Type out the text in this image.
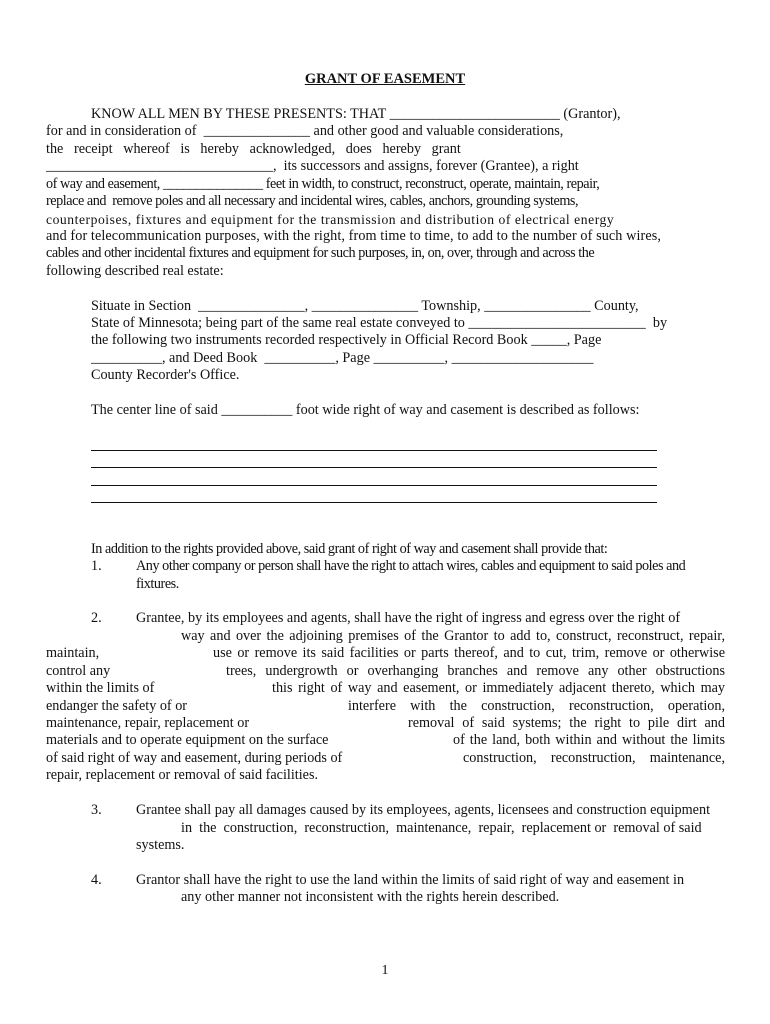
GRANT OF EASEMENT
KNOW ALL MEN BY THESE PRESENTS: THAT ________________________ (Grantor),
for and in consideration of  _______________ and other good and valuable considerations,
the   receipt   whereof   is   hereby   acknowledged,   does   hereby   grant
________________________________,  its successors and assigns, forever (Grantee), a right
of way and easement, _______________ feet in width, to construct, reconstruct, operate, maintain, repair,
replace and  remove poles and all necessary and incidental wires, cables, anchors, grounding systems,
counterpoises, fixtures and equipment for the transmission and distribution of electrical energy
and for telecommunication purposes, with the right, from time to time, to add to the number of such wires,
cables and other incidental fixtures and equipment for such purposes, in, on, over, through and across the
following described real estate:
Situate in Section  _______________, _______________ Township, _______________ County,
State of Minnesota; being part of the same real estate conveyed to _________________________  by
the following two instruments recorded respectively in Official Record Book _____, Page
__________, and Deed Book  __________, Page __________, ____________________
County Recorder's Office.
The center line of said __________ foot wide right of way and casement is described as follows:
In addition to the rights provided above, said grant of right of way and casement shall provide that:
1. Any other company or person shall have the right to attach wires, cables and equipment to said poles and
fixtures.
2. Grantee, by its employees and agents, shall have the right of ingress and egress over the right of
way and over the adjoining premises of the Grantor to add to, construct, reconstruct, repair,
maintain,	use or remove its said facilities or parts thereof, and to cut, trim, remove or otherwise
control any	trees, undergrowth or overhanging branches and remove any other obstructions
within the limits of	this right of way and easement, or immediately adjacent thereto, which may
endanger the safety of or	interfere    with    the    construction,    reconstruction,    operation,
maintenance, repair, replacement or	removal of said systems; the right to pile dirt and
materials and to operate equipment on the surface	of the land, both within and without the limits
of said right of way and easement, during periods of	construction,    reconstruction,    maintenance,
repair, replacement or removal of said facilities.
3. Grantee shall pay all damages caused by its employees, agents, licensees and construction equipment
in  the  construction,  reconstruction,  maintenance,  repair,  replacement or  removal of said
systems.
4. Grantor shall have the right to use the land within the limits of said right of way and easement in
any other manner not inconsistent with the rights herein described.
1
